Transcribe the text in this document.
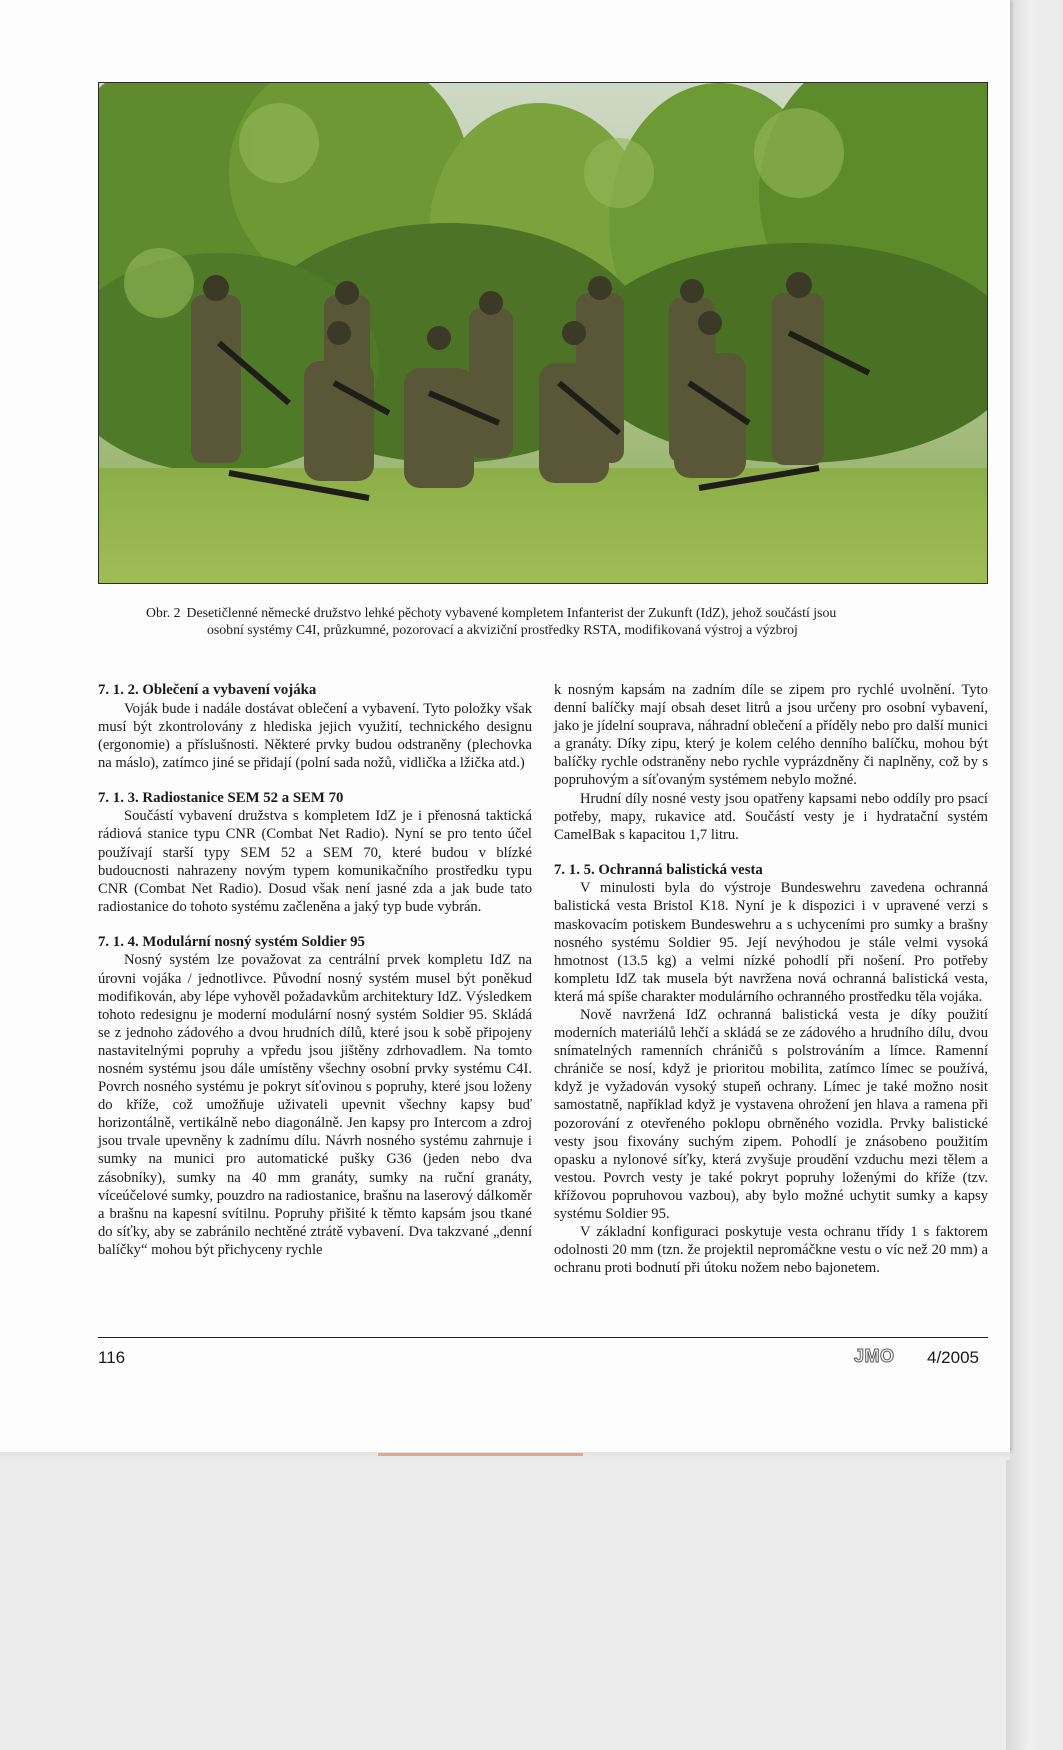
Obr. 2 Desetičlenné německé družstvo lehké pěchoty vybavené kompletem Infanterist der Zukunft (IdZ), jehož součástí jsou
osobní systémy C4I, průzkumné, pozorovací a akviziční prostředky RSTA, modifikovaná výstroj a výzbroj
7. 1. 2. Oblečení a vybavení vojáka

Voják bude i nadále dostávat oblečení a vybavení. Tyto položky však musí být zkontrolovány z hlediska jejich využití, technického designu (ergonomie) a příslušnosti. Některé prvky budou odstraněny (plechovka na máslo), zatímco jiné se přidají (polní sada nožů, vidlička a lžička atd.)

7. 1. 3. Radiostanice SEM 52 a SEM 70

Součástí vybavení družstva s kompletem IdZ je i přenosná taktická rádiová stanice typu CNR (Combat Net Radio). Nyní se pro tento účel používají starší typy SEM 52 a SEM 70, které budou v blízké budoucnosti nahrazeny novým typem komunikačního prostředku typu CNR (Combat Net Radio). Dosud však není jasné zda a jak bude tato radiostanice do tohoto systému začleněna a jaký typ bude vybrán.

7. 1. 4. Modulární nosný systém Soldier 95

Nosný systém lze považovat za centrální prvek kompletu IdZ na úrovni vojáka / jednotlivce. Původní nosný systém musel být poněkud modifikován, aby lépe vyhověl požadavkům architektury IdZ. Výsledkem tohoto redesignu je moderní modulární nosný systém Soldier 95. Skládá se z jednoho zádového a dvou hrudních dílů, které jsou k sobě připojeny nastavitelnými popruhy a vpředu jsou jištěny zdrhovadlem. Na tomto nosném systému jsou dále umístěny všechny osobní prvky systému C4I. Povrch nosného systému je pokryt síťovinou s popruhy, které jsou loženy do kříže, což umožňuje uživateli upevnit všechny kapsy buď horizontálně, vertikálně nebo diagonálně. Jen kapsy pro Intercom a zdroj jsou trvale upevněny k zadnímu dílu. Návrh nosného systému zahrnuje i sumky na munici pro automatické pušky G36 (jeden nebo dva zásobníky), sumky na 40 mm granáty, sumky na ruční granáty, víceúčelové sumky, pouzdro na radiostanice, brašnu na laserový dálkoměr a brašnu na kapesní svítilnu. Popruhy přišité k těmto kapsám jsou tkané do síťky, aby se zabránilo nechtěné ztrátě vybavení. Dva takzvané „denní balíčky“ mohou být přichyceny rychle

k nosným kapsám na zadním díle se zipem pro rychlé uvolnění. Tyto denní balíčky mají obsah deset litrů a jsou určeny pro osobní vybavení, jako je jídelní souprava, náhradní oblečení a příděly nebo pro další munici a granáty. Díky zipu, který je kolem celého denního balíčku, mohou být balíčky rychle odstraněny nebo rychle vyprázdněny či naplněny, což by s popruhovým a síťovaným systémem nebylo možné.

Hrudní díly nosné vesty jsou opatřeny kapsami nebo oddíly pro psací potřeby, mapy, rukavice atd. Součástí vesty je i hydratační systém CamelBak s kapacitou 1,7 litru.

7. 1. 5. Ochranná balistická vesta

V minulosti byla do výstroje Bundeswehru zavedena ochranná balistická vesta Bristol K18. Nyní je k dispozici i v upravené verzi s maskovacím potiskem Bundeswehru a s uchyceními pro sumky a brašny nosného systému Soldier 95. Její nevýhodou je stále velmi vysoká hmotnost (13.5 kg) a velmi nízké pohodlí při nošení. Pro potřeby kompletu IdZ tak musela být navržena nová ochranná balistická vesta, která má spíše charakter modulárního ochranného prostředku těla vojáka.

Nově navržená IdZ ochranná balistická vesta je díky použití moderních materiálů lehčí a skládá se ze zádového a hrudního dílu, dvou snímatelných ramenních chráničů s polstrováním a límce. Ramenní chrániče se nosí, když je prioritou mobilita, zatímco límec se používá, když je vyžadován vysoký stupeň ochrany. Límec je také možno nosit samostatně, například když je vystavena ohrožení jen hlava a ramena při pozorování z otevřeného poklopu obrněného vozidla. Prvky balistické vesty jsou fixovány suchým zipem. Pohodlí je znásobeno použitím opasku a nylonové síťky, která zvyšuje proudění vzduchu mezi tělem a vestou. Povrch vesty je také pokryt popruhy loženými do kříže (tzv. křížovou popruhovou vazbou), aby bylo možné uchytit sumky a kapsy systému Soldier 95.

V základní konfiguraci poskytuje vesta ochranu třídy 1 s faktorem odolnosti 20 mm (tzn. že projektil nepromáčkne vestu o víc než 20 mm) a ochranu proti bodnutí při útoku nožem nebo bajonetem.

116	JMO 4/2005
